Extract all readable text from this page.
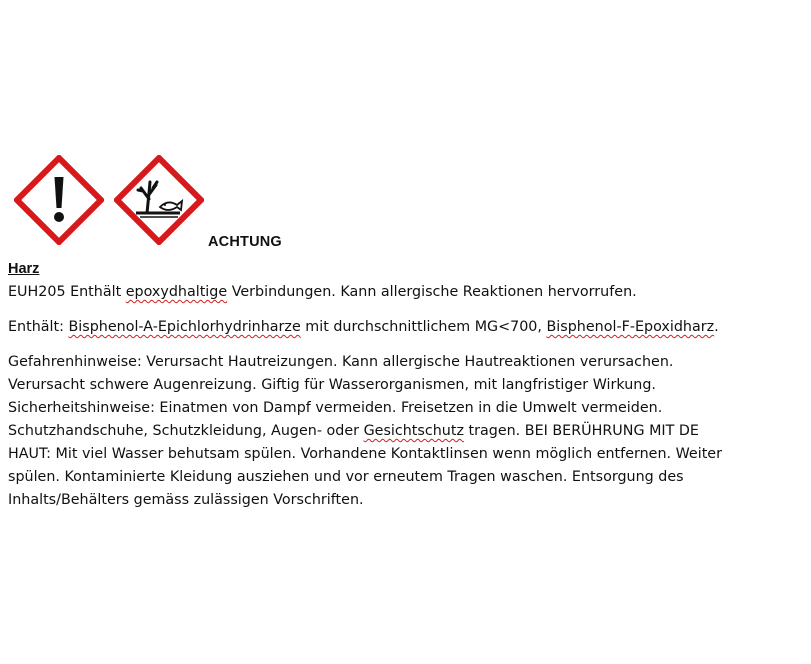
ACHTUNG
Harz
EUH205 Enthält epoxydhaltige Verbindungen. Kann allergische Reaktionen hervorrufen.
Enthält: Bisphenol-A-Epichlorhydrinharze mit durchschnittlichem MG<700, Bisphenol-F-Epoxidharz.
Gefahrenhinweise: Verursacht Hautreizungen. Kann allergische Hautreaktionen verursachen.
Verursacht schwere Augenreizung. Giftig für Wasserorganismen, mit langfristiger Wirkung.
Sicherheitshinweise: Einatmen von Dampf vermeiden. Freisetzen in die Umwelt vermeiden.
Schutzhandschuhe, Schutzkleidung, Augen- oder Gesichtschutz tragen. BEI BERÜHRUNG MIT DE
HAUT: Mit viel Wasser behutsam spülen. Vorhandene Kontaktlinsen wenn möglich entfernen. Weiter
spülen. Kontaminierte Kleidung ausziehen und vor erneutem Tragen waschen. Entsorgung des
Inhalts/Behälters gemäss zulässigen Vorschriften.
